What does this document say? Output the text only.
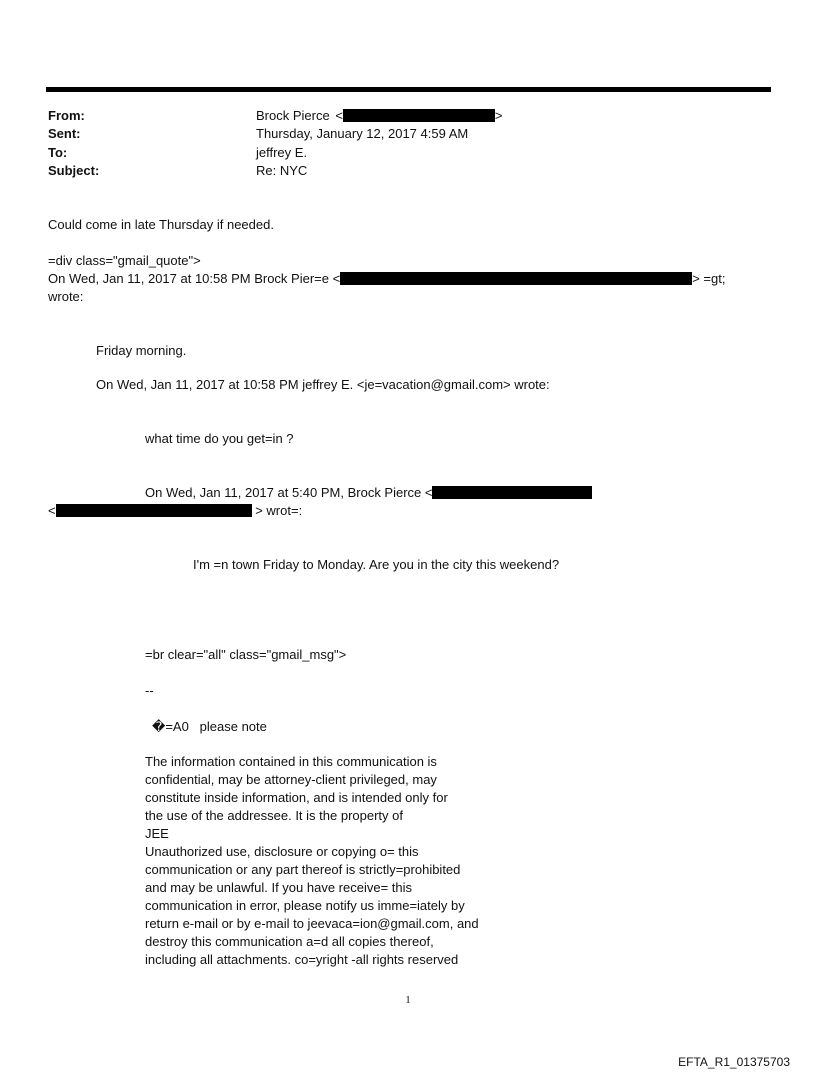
From:	Brock Pierce <	>
Sent:	Thursday, January 12, 2017 4:59 AM
To:	jeffrey E.
Subject:	Re: NYC
Could come in late Thursday if needed.
=div class="gmail_quote">
On Wed, Jan 11, 2017 at 10:58 PM Brock Pier=e <	> =gt;
wrote:
Friday morning.
On Wed, Jan 11, 2017 at 10:58 PM jeffrey E. <je=vacation@gmail.com> wrote:
what time do you get=in ?
On Wed, Jan 11, 2017 at 5:40 PM, Brock Pierce <
<	> wrot=:
I'm =n town Friday to Monday. Are you in the city this weekend?
=br clear="all" class="gmail_msg">
--
�=A0   please note
The information contained in this communication is
confidential, may be attorney-client privileged, may
constitute inside information, and is intended only for
the use of the addressee. It is the property of
JEE
Unauthorized use, disclosure or copying o= this
communication or any part thereof is strictly=prohibited
and may be unlawful. If you have receive= this
communication in error, please notify us imme=iately by
return e-mail or by e-mail to jeevaca=ion@gmail.com, and
destroy this communication a=d all copies thereof,
including all attachments. co=yright -all rights reserved
1
EFTA_R1_01375703
